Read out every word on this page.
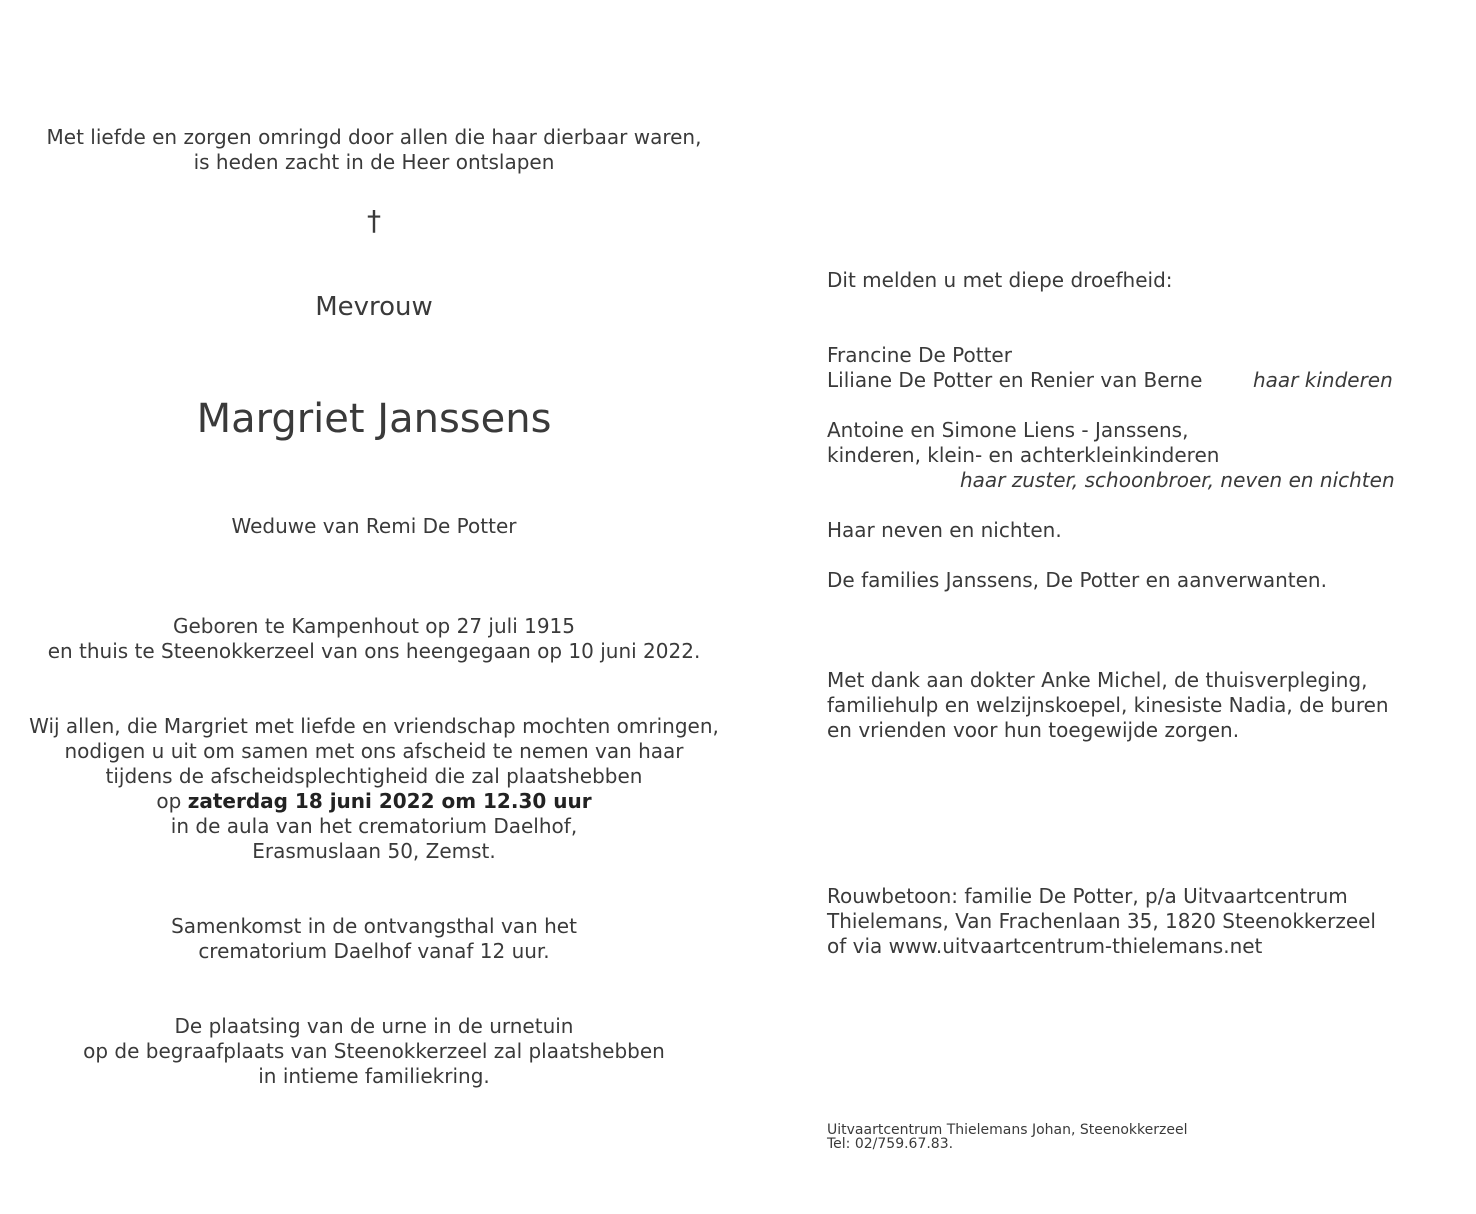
Met liefde en zorgen omringd door allen die haar dierbaar waren,
is heden zacht in de Heer ontslapen
†
Mevrouw
Margriet Janssens
Weduwe van Remi De Potter
Geboren te Kampenhout op 27 juli 1915
en thuis te Steenokkerzeel van ons heengegaan op 10 juni 2022.
Wij allen, die Margriet met liefde en vriendschap mochten omringen,
nodigen u uit om samen met ons afscheid te nemen van haar
tijdens de afscheidsplechtigheid die zal plaatshebben
op zaterdag 18 juni 2022 om 12.30 uur
in de aula van het crematorium Daelhof,
Erasmuslaan 50, Zemst.
Samenkomst in de ontvangsthal van het
crematorium Daelhof vanaf 12 uur.
De plaatsing van de urne in de urnetuin
op de begraafplaats van Steenokkerzeel zal plaatshebben
in intieme familiekring.
Dit melden u met diepe droefheid:
Francine De Potter
Liliane De Potter en Renier van Berne	haar kinderen
Antoine en Simone Liens - Janssens,
kinderen, klein- en achterkleinkinderen
haar zuster, schoonbroer, neven en nichten
Haar neven en nichten.
De families Janssens, De Potter en aanverwanten.
Met dank aan dokter Anke Michel, de thuisverpleging,
familiehulp en welzijnskoepel, kinesiste Nadia, de buren
en vrienden voor hun toegewijde zorgen.
Rouwbetoon: familie De Potter, p/a Uitvaartcentrum
Thielemans, Van Frachenlaan 35, 1820 Steenokkerzeel
of via www.uitvaartcentrum-thielemans.net
Uitvaartcentrum Thielemans Johan, Steenokkerzeel
Tel: 02/759.67.83.
